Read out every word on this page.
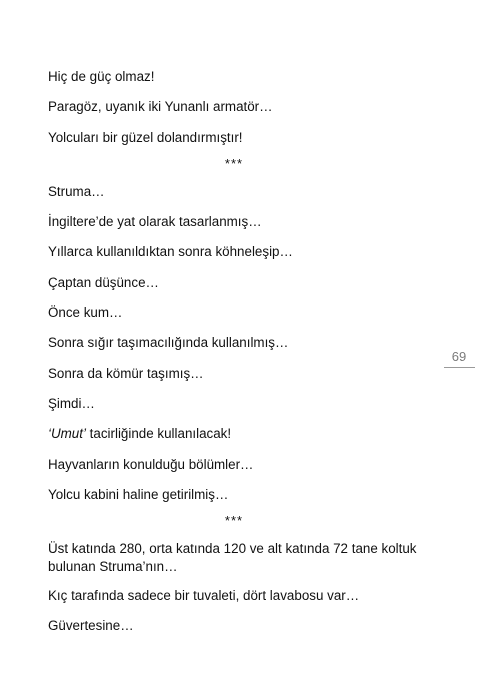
Hiç de güç olmaz!

Paragöz, uyanık iki Yunanlı armatör…

Yolcuları bir güzel dolandırmıştır!

***

Struma…

İngiltere’de yat olarak tasarlanmış…

Yıllarca kullanıldıktan sonra köhneleşip…

Çaptan düşünce…

Önce kum…

Sonra sığır taşımacılığında kullanılmış…

Sonra da kömür taşımış…

Şimdi…

‘Umut’ tacirliğinde kullanılacak!

Hayvanların konulduğu bölümler…

Yolcu kabini haline getirilmiş…

***

Üst katında 280, orta katında 120 ve alt katında 72 tane koltuk bulunan Struma’nın…

Kıç tarafında sadece bir tuvaleti, dört lavabosu var…

Güvertesine…

69
